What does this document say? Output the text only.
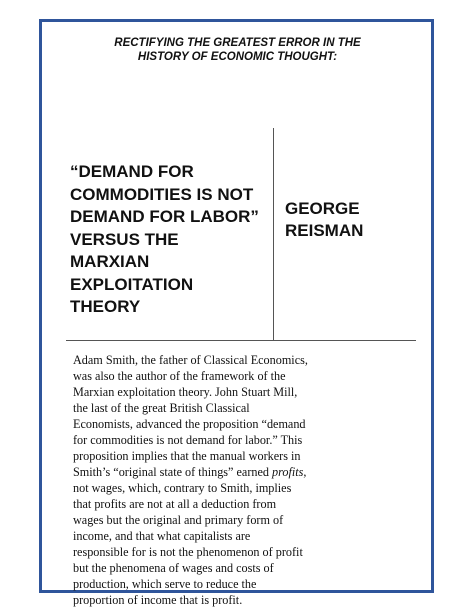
RECTIFYING THE GREATEST ERROR IN THE
HISTORY OF ECONOMIC THOUGHT:
“DEMAND FOR
COMMODITIES IS NOT
DEMAND FOR LABOR”
VERSUS THE
MARXIAN
EXPLOITATION
THEORY
GEORGE
REISMAN
Adam Smith, the father of Classical Economics,
was also the author of the framework of the
Marxian exploitation theory. John Stuart Mill,
the last of the great British Classical
Economists, advanced the proposition “demand
for commodities is not demand for labor.” This
proposition implies that the manual workers in
Smith’s “original state of things” earned profits,
not wages, which, contrary to Smith, implies
that profits are not at all a deduction from
wages but the original and primary form of
income, and that what capitalists are
responsible for is not the phenomenon of profit
but the phenomena of wages and costs of
production, which serve to reduce the
proportion of income that is profit.
